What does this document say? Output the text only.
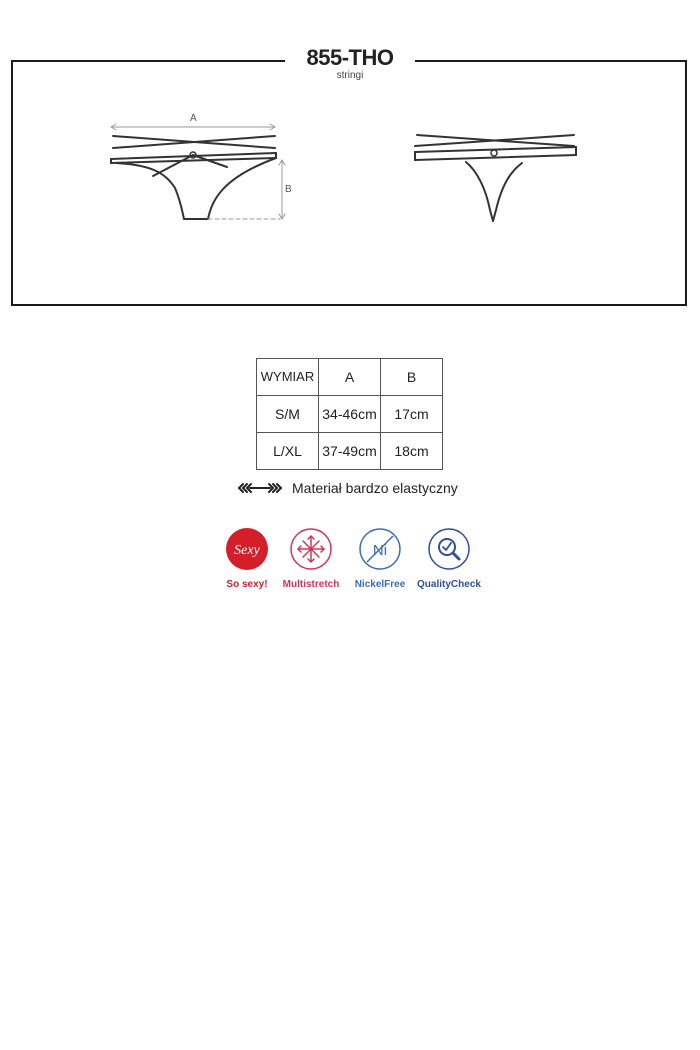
A
B
855-THO
stringi
WYMIAR	A	B
S/M	34-46cm	17cm
L/XL	37-49cm	18cm
Materiał bardzo elastyczny
Sexy
So sexy!	Multistretch
Ni
NickelFree	QualityCheck
